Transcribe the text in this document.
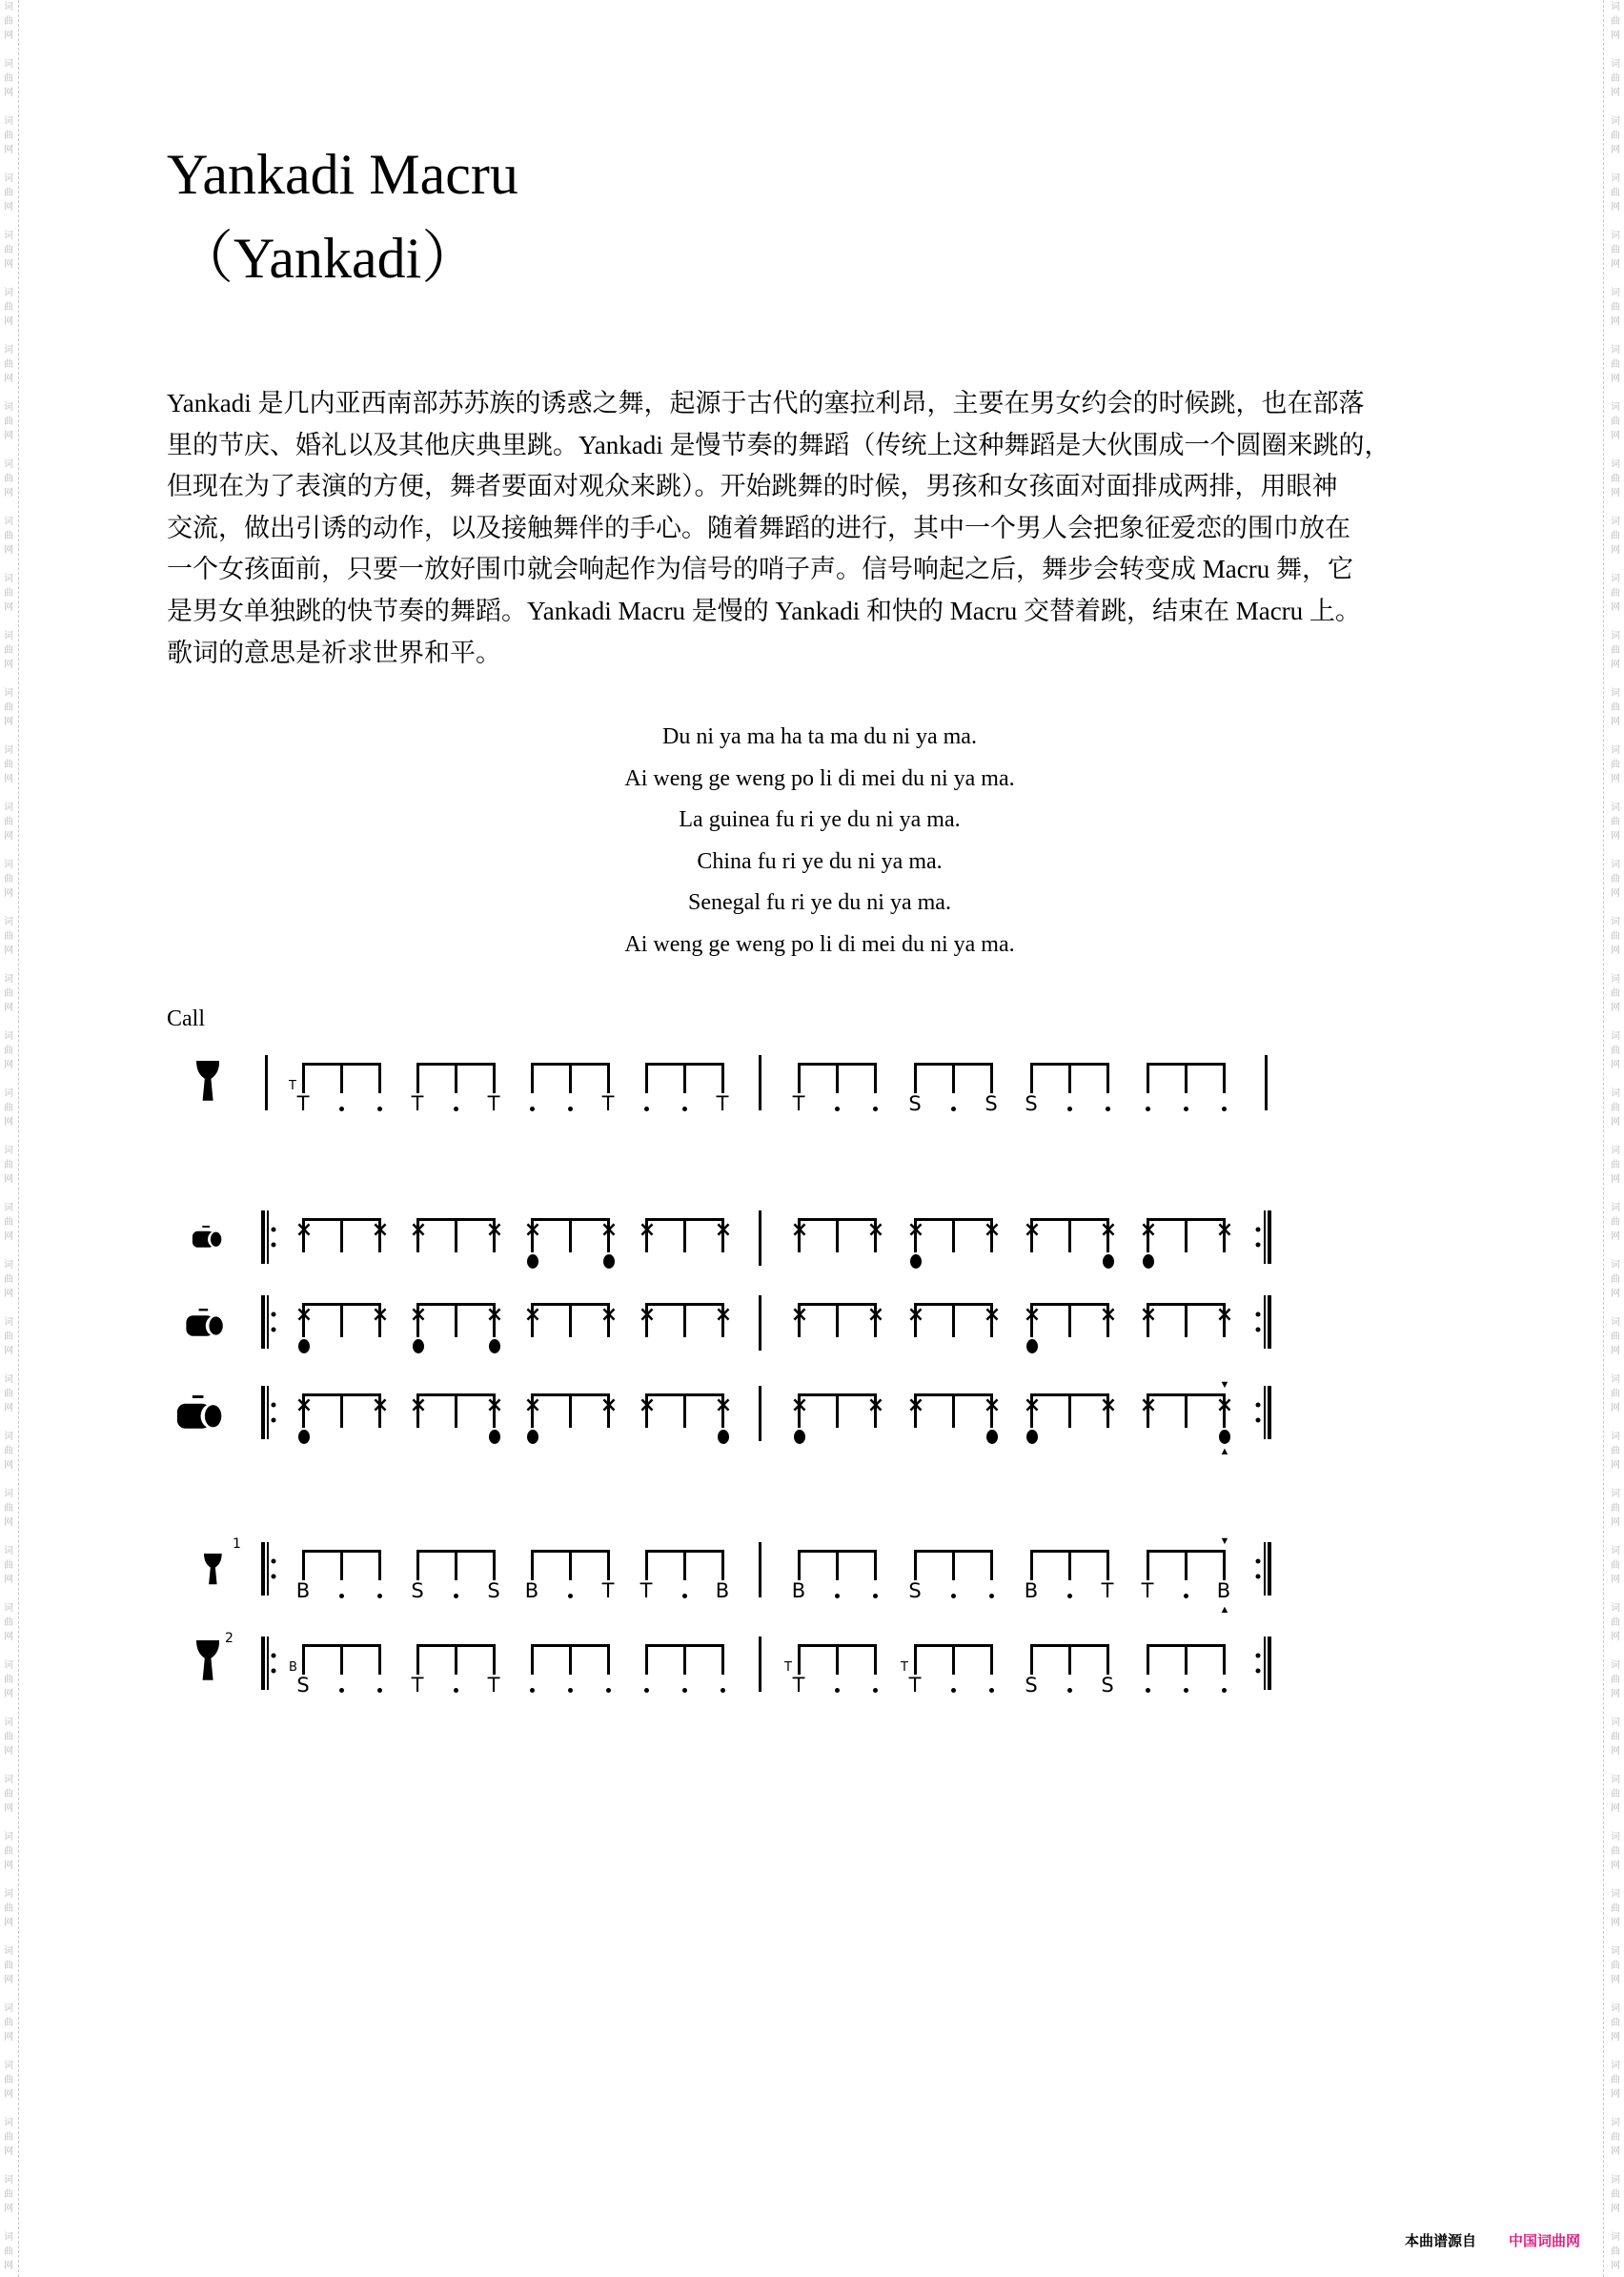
词
曲
网
词
曲
网
词
曲
网
词
曲
网
词
曲
网
词
曲
网
词
曲
网
词
曲
网
词
曲
网
词
曲
网
词
曲
网
词
曲
网
词
曲
网
词
曲
网
词
曲
网
词
曲
网
词
曲
网
词
曲
网
词
曲
网
词
曲
网
词
曲
网
词
曲
网
词
曲
网
词
曲
网
词
曲
网
词
曲
网
词
曲
网
词
曲
网
词
曲
网
词
曲
网
词
曲
网
词
曲
网
词
曲
网
词
曲
网
词
曲
网
词
曲
网
词
曲
网
词
曲
网
词
曲
网
词
曲
网
词
曲
网
词
曲
网
词
曲
网
词
曲
网
词
曲
网
词
曲
网
词
曲
网
词
曲
网
词
曲
网
词
曲
网
词
曲
网
词
曲
网
词
曲
网
词
曲
网
词
曲
网
词
曲
网
词
曲
网
词
曲
网
词
曲
网
词
曲
网
词
曲
网
词
曲
网
词
曲
网
词
曲
网
词
曲
网
词
曲
网
词
曲
网
词
曲
网
词
曲
网
词
曲
网
词
曲
网
词
曲
网
词
曲
网
词
曲
网
词
曲
网
词
曲
网
词
曲
网
词
曲
网
词
曲
网
词
曲
网
Yankadi Macru
（Yankadi）
Yankadi 是几内亚西南部苏苏族的诱惑之舞，起源于古代的塞拉利昂，主要在男女约会的时候跳，也在部落
里的节庆、婚礼以及其他庆典里跳。Yankadi 是慢节奏的舞蹈（传统上这种舞蹈是大伙围成一个圆圈来跳的，
但现在为了表演的方便，舞者要面对观众来跳）。开始跳舞的时候，男孩和女孩面对面排成两排，用眼神
交流，做出引诱的动作，以及接触舞伴的手心。随着舞蹈的进行，其中一个男人会把象征爱恋的围巾放在
一个女孩面前，只要一放好围巾就会响起作为信号的哨子声。信号响起之后，舞步会转变成 Macru 舞，它
是男女单独跳的快节奏的舞蹈。Yankadi Macru 是慢的 Yankadi 和快的 Macru 交替着跳，结束在 Macru 上。
歌词的意思是祈求世界和平。
Du ni ya ma ha ta ma du ni ya ma.
Ai weng ge weng po li di mei du ni ya ma.
La guinea fu ri ye du ni ya ma.
China fu ri ye du ni ya ma.
Senegal fu ri ye du ni ya ma.
Ai weng ge weng po li di mei du ni ya ma.
Call
T	T	T	T	T	T	S	S	S
T
×	× ×	× ×	× ×	×	×	× ×	× ×	× ×	×
×	× ×	× ×	× ×	×	×	× ×	× ×	× ×	×
×	× ×	× ×	× ×	×	×	× ×	× ×	× ×	×
▼
▲
1
B	S	S	B	T	T	B	B	S	B	T	T	B
▼
▲
2
S	T	T	T	T	S	S
B	T	T
本曲谱源自 中国词曲网
